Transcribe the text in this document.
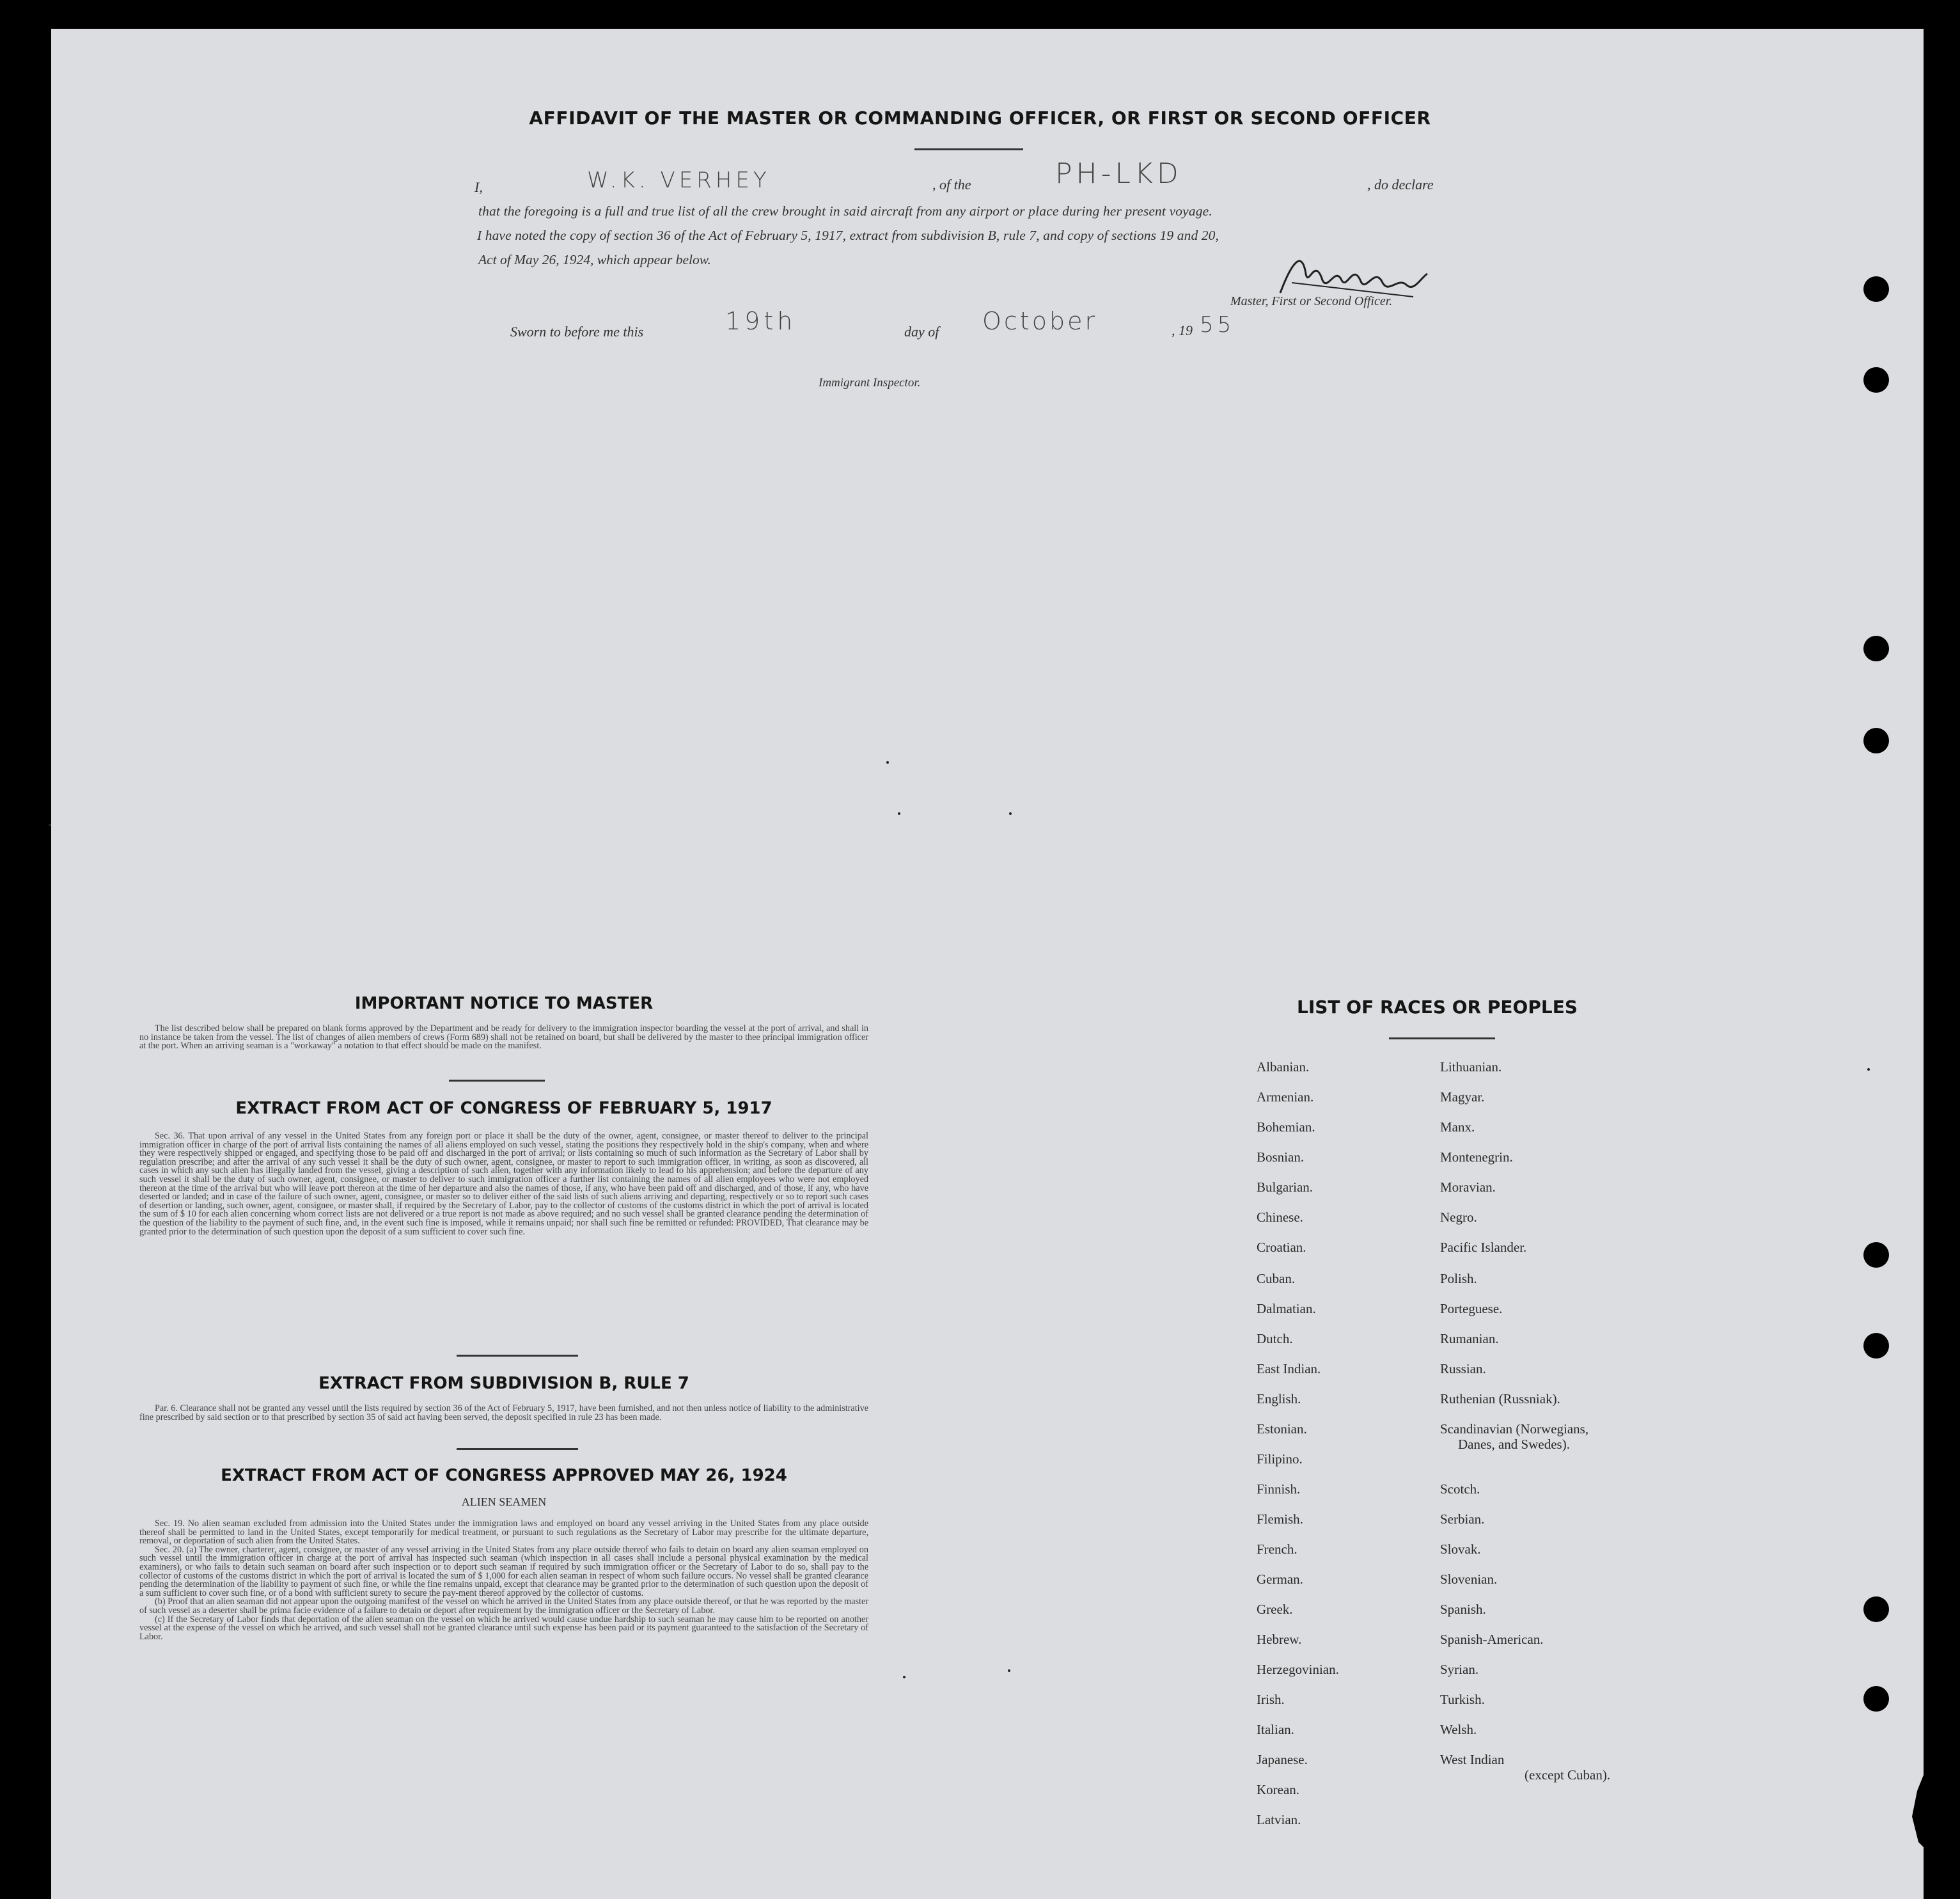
AFFIDAVIT OF THE MASTER OR COMMANDING OFFICER, OR FIRST OR SECOND OFFICER
I,	W.K. VERHEY	, of the	PH-LKD	, do declare
that the foregoing is a full and true list of all the crew brought in said aircraft from any airport or place during her present voyage.
I have noted the copy of section 36 of the Act of February 5, 1917, extract from subdivision B, rule 7, and copy of sections 19 and 20,
Act of May 26, 1924, which appear below.
Master, First or Second Officer.
Sworn to before me this	19th	day of October	, 19 55
Immigrant Inspector.
IMPORTANT NOTICE TO MASTER

The list described below shall be prepared on blank forms approved by the Department and be ready for delivery to the immigration inspector boarding the vessel at the port of arrival, and shall in no instance be taken from the vessel. The list of changes of alien members of crews (Form 689) shall not be retained on board, but shall be delivered by the master to thee principal immigration officer at the port. When an arriving seaman is a "workaway" a notation to that effect should be made on the manifest.

EXTRACT FROM ACT OF CONGRESS OF FEBRUARY 5, 1917

Sec. 36. That upon arrival of any vessel in the United States from any foreign port or place it shall be the duty of the owner, agent, consignee, or master thereof to deliver to the principal immigration officer in charge of the port of arrival lists containing the names of all aliens employed on such vessel, stating the positions they respectively hold in the ship's company, when and where they were respectively shipped or engaged, and specifying those to be paid off and discharged in the port of arrival; or lists containing so much of such information as the Secretary of Labor shall by regulation prescribe; and after the arrival of any such vessel it shall be the duty of such owner, agent, consignee, or master to report to such immigration officer, in writing, as soon as discovered, all cases in which any such alien has illegally landed from the vessel, giving a description of such alien, together with any information likely to lead to his apprehension; and before the departure of any such vessel it shall be the duty of such owner, agent, consignee, or master to deliver to such immigration officer a further list containing the names of all alien employees who were not employed thereon at the time of the arrival but who will leave port thereon at the time of her departure and also the names of those, if any, who have been paid off and discharged, and of those, if any, who have deserted or landed; and in case of the failure of such owner, agent, consignee, or master so to deliver either of the said lists of such aliens arriving and departing, respectively or so to report such cases of desertion or landing, such owner, agent, consignee, or master shall, if required by the Secretary of Labor, pay to the collector of customs of the customs district in which the port of arrival is located the sum of $ 10 for each alien concerning whom correct lists are not delivered or a true report is not made as above required; and no such vessel shall be granted clearance pending the determination of the question of the liability to the payment of such fine, and, in the event such fine is imposed, while it remains unpaid; nor shall such fine be remitted or refunded: PROVIDED, That clearance may be granted prior to the determination of such question upon the deposit of a sum sufficient to cover such fine.

EXTRACT FROM SUBDIVISION B, RULE 7

Par. 6. Clearance shall not be granted any vessel until the lists required by section 36 of the Act of February 5, 1917, have been furnished, and not then unless notice of liability to the administrative fine prescribed by said section or to that prescribed by section 35 of said act having been served, the deposit specified in rule 23 has been made.

EXTRACT FROM ACT OF CONGRESS APPROVED MAY 26, 1924
ALIEN SEAMEN

Sec. 19. No alien seaman excluded from admission into the United States under the immigration laws and employed on board any vessel arriving in the United States from any place outside thereof shall be permitted to land in the United States, except temporarily for medical treatment, or pursuant to such regulations as the Secretary of Labor may prescribe for the ultimate departure, removal, or deportation of such alien from the United States.

Sec. 20. (a) The owner, charterer, agent, consignee, or master of any vessel arriving in the United States from any place outside thereof who fails to detain on board any alien seaman employed on such vessel until the immigration officer in charge at the port of arrival has inspected such seaman (which inspection in all cases shall include a personal physical examination by the medical examiners), or who fails to detain such seaman on board after such inspection or to deport such seaman if required by such immigration officer or the Secretary of Labor to do so, shall pay to the collector of customs of the customs district in which the port of arrival is located the sum of $ 1,000 for each alien seaman in respect of whom such failure occurs. No vessel shall be granted clearance pending the determination of the liability to payment of such fine, or while the fine remains unpaid, except that clearance may be granted prior to the determination of such question upon the deposit of a sum sufficient to cover such fine, or of a bond with sufficient surety to secure the pay-ment thereof approved by the collector of customs.

(b) Proof that an alien seaman did not appear upon the outgoing manifest of the vessel on which he arrived in the United States from any place outside thereof, or that he was reported by the master of such vessel as a deserter shall be prima facie evidence of a failure to detain or deport after requirement by the immigration officer or the Secretary of Labor.

(c) If the Secretary of Labor finds that deportation of the alien seaman on the vessel on which he arrived would cause undue hardship to such seaman he may cause him to be reported on another vessel at the expense of the vessel on which he arrived, and such vessel shall not be granted clearance until such expense has been paid or its payment guaranteed to the satisfaction of the Secretary of Labor.

LIST OF RACES OR PEOPLES
Albanian.
Armenian.
Bohemian.
Bosnian.
Bulgarian.
Chinese.
Croatian.
Cuban.
Dalmatian.
Dutch.
East Indian.
English.
Estonian.
Filipino.
Finnish.
Flemish.
French.
German.
Greek.
Hebrew.
Herzegovinian.
Irish.
Italian.
Japanese.
Korean.
Latvian.
Lithuanian.
Magyar.
Manx.
Montenegrin.
Moravian.
Negro.
Pacific Islander.
Polish.
Porteguese.
Rumanian.
Russian.
Ruthenian (Russniak).
Scandinavian (Norwegians,
Danes, and Swedes).
Scotch.
Serbian.
Slovak.
Slovenian.
Spanish.
Spanish-American.
Syrian.
Turkish.
Welsh.
West Indian
(except Cuban).
